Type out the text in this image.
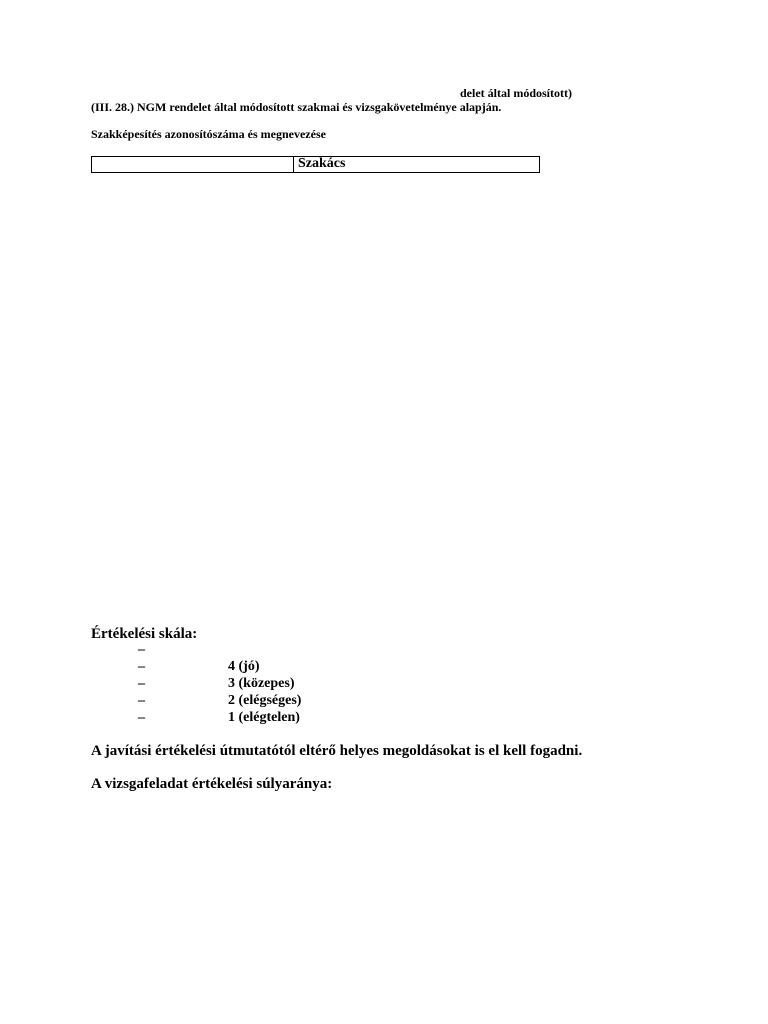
delet által módosított)
(III. 28.) NGM rendelet által módosított szakmai és vizsgakövetelménye alapján.
Szakképesítés azonosítószáma és megnevezése
Szakács
Értékelési skála:
–
–	4 (jó)
–	3 (közepes)
–	2 (elégséges)
–	1 (elégtelen)
A javítási értékelési útmutatótól eltérő helyes megoldásokat is el kell fogadni.
A vizsgafeladat értékelési súlyaránya:
